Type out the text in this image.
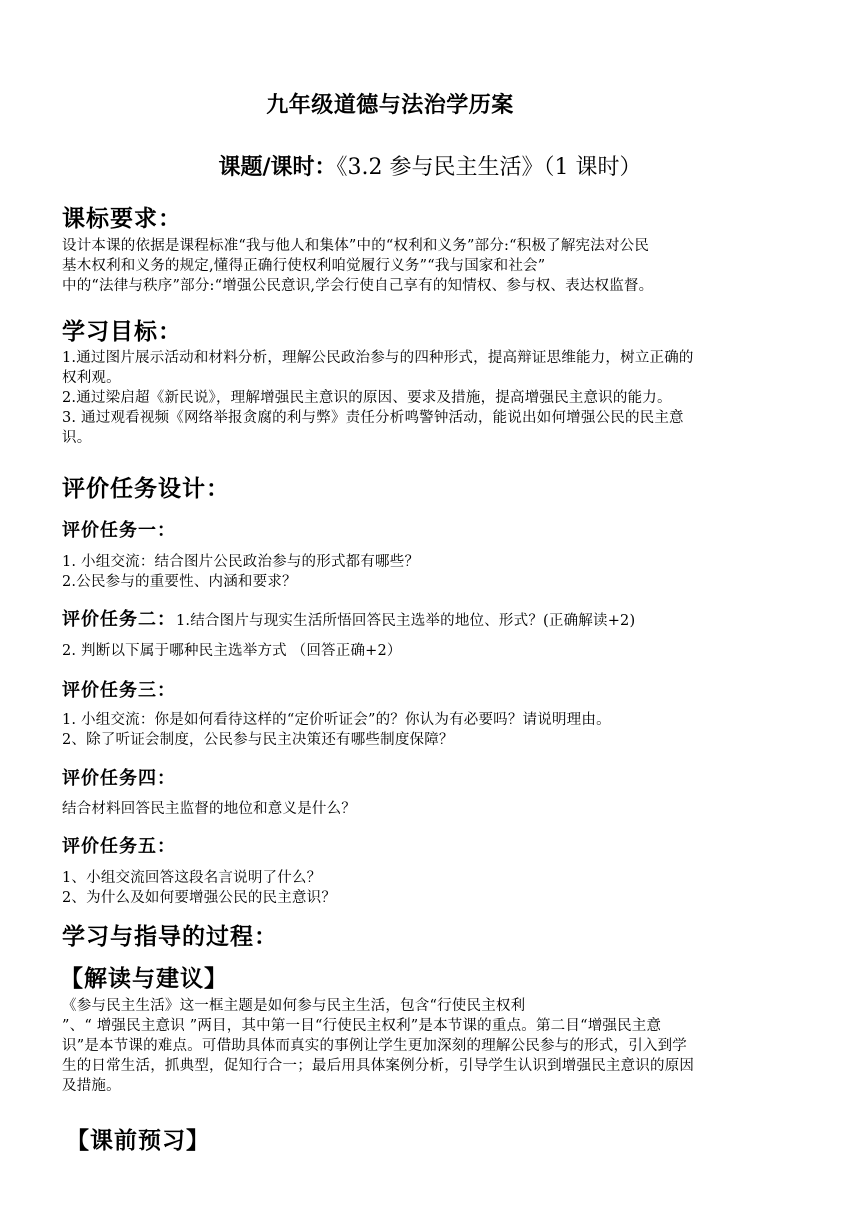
九年级道德与法治学历案
课题/课时：《3.2 参与民主生活》（1 课时）
课标要求：
设计本课的依据是课程标准“我与他人和集体”中的“权利和义务”部分:“积极了解宪法对公民
基木权利和义务的规定,懂得正确行使权利咱觉履行义务”“我与国家和社会”
中的“法律与秩序”部分:“增强公民意识,学会行使自己享有的知情权、参与权、表达权监督。
学习目标：
1.通过图片展示活动和材料分析，理解公民政治参与的四种形式，提高辩证思维能力，树立正确的
权利观。
2.通过梁启超《新民说》，理解增强民主意识的原因、要求及措施，提高增强民主意识的能力。
3. 通过观看视频《网络举报贪腐的利与弊》责任分析鸣警钟活动，能说出如何增强公民的民主意
识。
评价任务设计：
评价任务一：
1. 小组交流：结合图片公民政治参与的形式都有哪些？
2.公民参与的重要性、内涵和要求？
评价任务二：1.结合图片与现实生活所悟回答民主选举的地位、形式？(正确解读+2)
2. 判断以下属于哪种民主选举方式 （回答正确+2）
评价任务三：
1. 小组交流：你是如何看待这样的“定价听证会”的？你认为有必要吗？请说明理由。
2、除了听证会制度，公民参与民主决策还有哪些制度保障？
评价任务四：
结合材料回答民主监督的地位和意义是什么？
评价任务五：
1、小组交流回答这段名言说明了什么？
2、为什么及如何要增强公民的民主意识？
学习与指导的过程：
【解读与建议】
《参与民主生活》这一框主题是如何参与民主生活，包含“行使民主权利
”、“ 增强民主意识 ”两目，其中第一目“行使民主权利”是本节课的重点。第二目“增强民主意
识”是本节课的难点。可借助具体而真实的事例让学生更加深刻的理解公民参与的形式，引入到学
生的日常生活，抓典型，促知行合一；最后用具体案例分析，引导学生认识到增强民主意识的原因
及措施。
【课前预习】
